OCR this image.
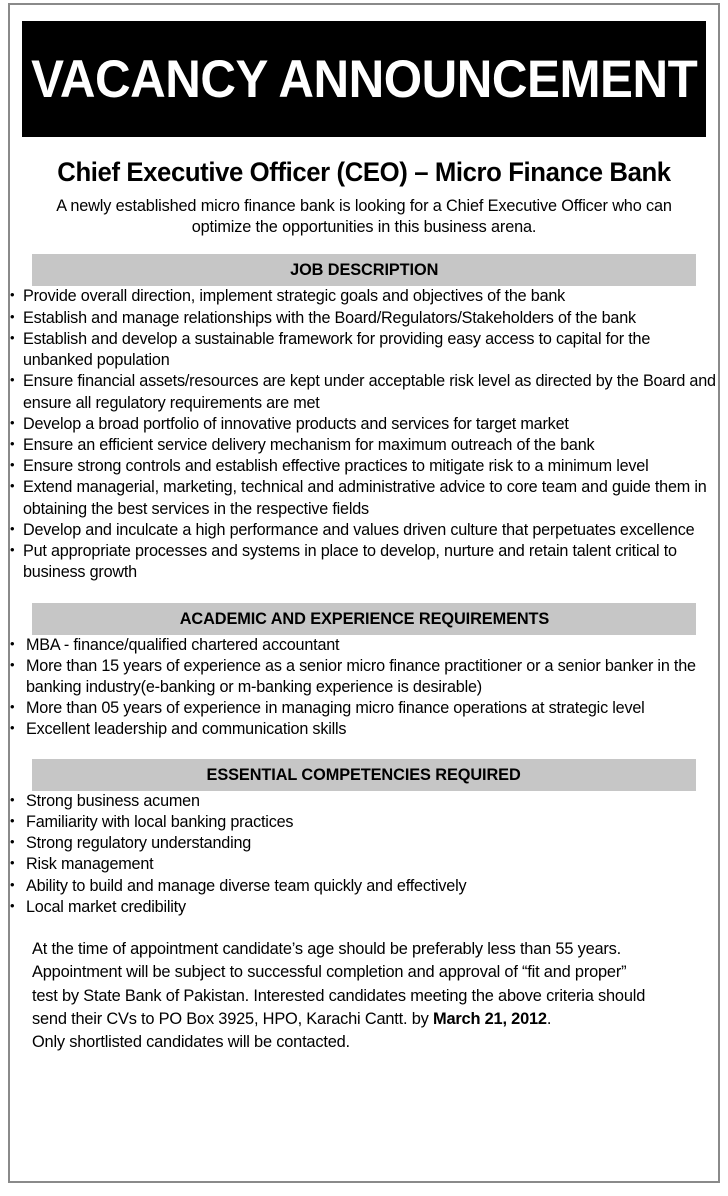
VACANCY ANNOUNCEMENT
Chief Executive Officer (CEO) – Micro Finance Bank
A newly established micro finance bank is looking for a Chief Executive Officer who can optimize the opportunities in this business arena.
JOB DESCRIPTION
• Provide overall direction, implement strategic goals and objectives of the bank
• Establish and manage relationships with the Board/Regulators/Stakeholders of the bank
• Establish and develop a sustainable framework for providing easy access to capital for the unbanked population
• Ensure financial assets/resources are kept under acceptable risk level as directed by the Board and ensure all regulatory requirements are met
• Develop a broad portfolio of innovative products and services for target market
• Ensure an efficient service delivery mechanism for maximum outreach of the bank
• Ensure strong controls and establish effective practices to mitigate risk to a minimum level
• Extend managerial, marketing, technical and administrative advice to core team and guide them in obtaining the best services in the respective fields
• Develop and inculcate a high performance and values driven culture that perpetuates excellence
• Put appropriate processes and systems in place to develop, nurture and retain talent critical to business growth
ACADEMIC AND EXPERIENCE REQUIREMENTS
• MBA - finance/qualified chartered accountant
• More than 15 years of experience as a senior micro finance practitioner or a senior banker in the banking industry(e-banking or m-banking experience is desirable)
• More than 05 years of experience in managing micro finance operations at strategic level
• Excellent leadership and communication skills
ESSENTIAL COMPETENCIES REQUIRED
• Strong business acumen
• Familiarity with local banking practices
• Strong regulatory understanding
• Risk management
• Ability to build and manage diverse team quickly and effectively
• Local market credibility
At the time of appointment candidate’s age should be preferably less than 55 years.
Appointment will be subject to successful completion and approval of “fit and proper”
test by State Bank of Pakistan. Interested candidates meeting the above criteria should
send their CVs to PO Box 3925, HPO, Karachi Cantt. by March 21, 2012.
Only shortlisted candidates will be contacted.
